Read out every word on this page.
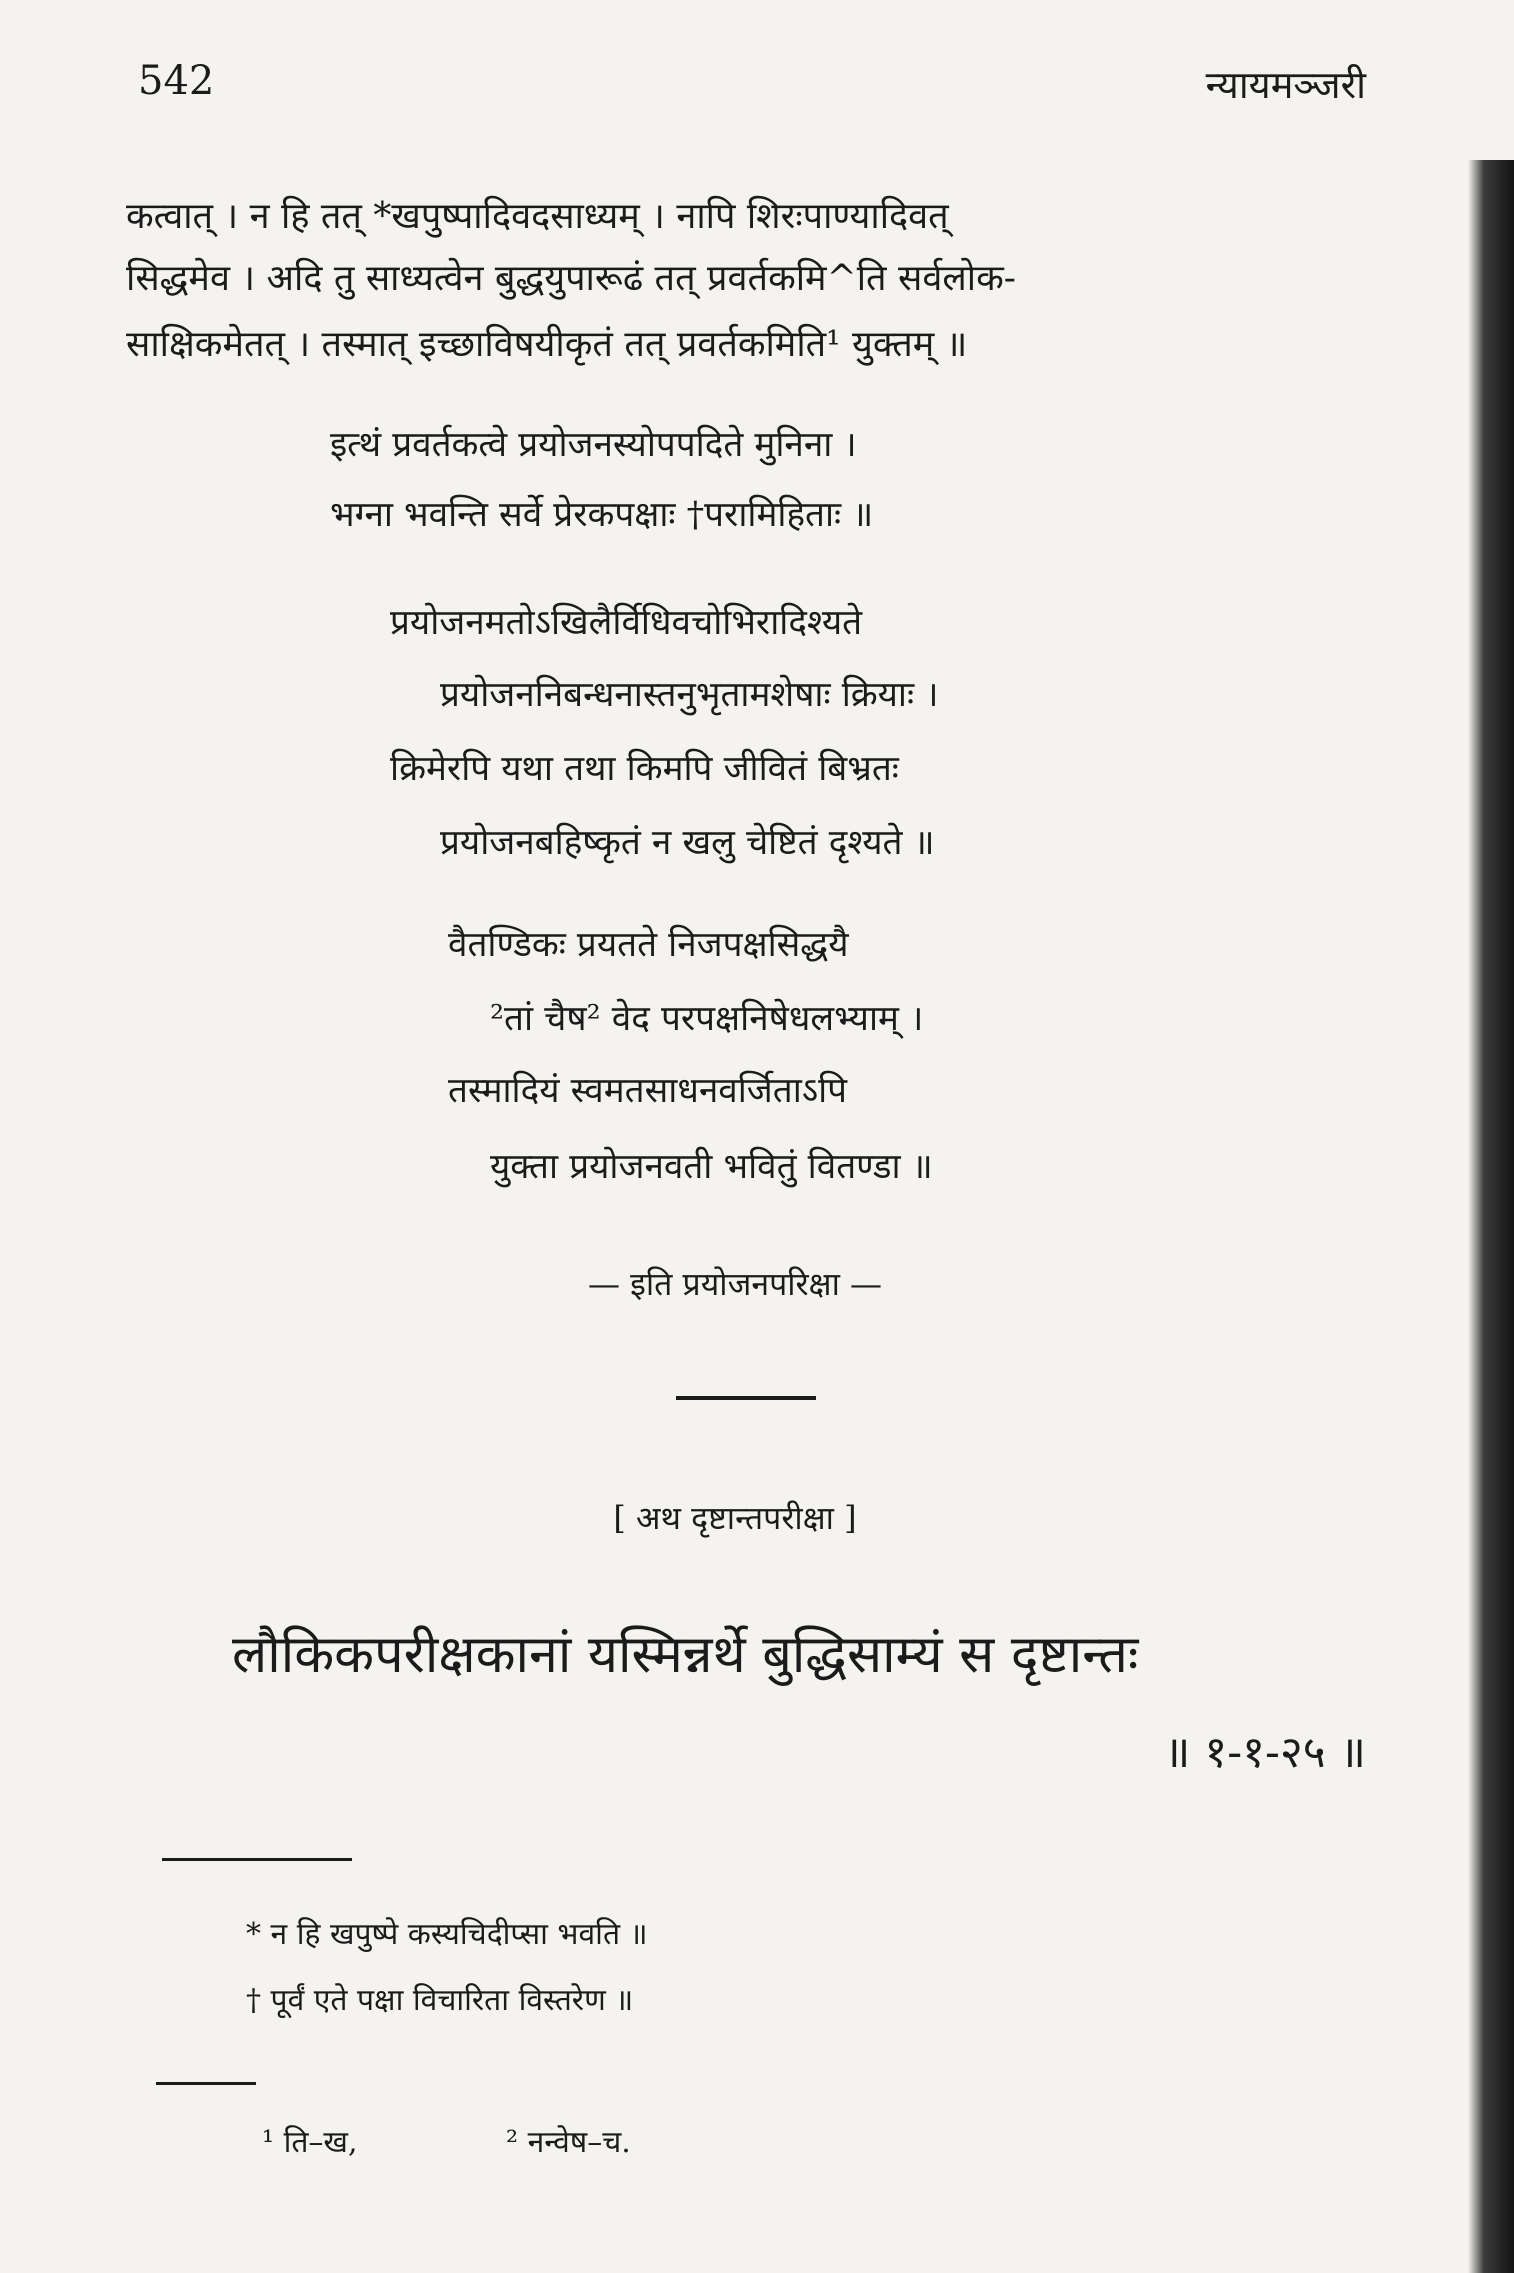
542	न्यायमञ्जरी
कत्वात् । न हि तत् *खपुष्पादिवदसाध्यम् । नापि शिरःपाण्यादिवत्
सिद्धमेव । अदि तु साध्यत्वेन बुद्धयुपारूढं तत् प्रवर्तकमि^ति सर्वलोक-
साक्षिकमेतत् । तस्मात् इच्छाविषयीकृतं तत् प्रवर्तकमिति¹ युक्तम् ॥
इत्थं प्रवर्तकत्वे प्रयोजनस्योपपदिते मुनिना ।
भग्ना भवन्ति सर्वे प्रेरकपक्षाः †परामिहिताः ॥
प्रयोजनमतोऽखिलैर्विधिवचोभिरादिश्यते
प्रयोजननिबन्धनास्तनुभृतामशेषाः क्रियाः ।
क्रिमेरपि यथा तथा किमपि जीवितं बिभ्रतः
प्रयोजनबहिष्कृतं न खलु चेष्टितं दृश्यते ॥
वैतण्डिकः प्रयतते निजपक्षसिद्धयै
²तां चैष² वेद परपक्षनिषेधलभ्याम् ।
तस्मादियं स्वमतसाधनवर्जिताऽपि
युक्ता प्रयोजनवती भवितुं वितण्डा ॥
— इति प्रयोजनपरिक्षा —
[ अथ दृष्टान्तपरीक्षा ]
लौकिकपरीक्षकानां यस्मिन्नर्थे बुद्धिसाम्यं स दृष्टान्तः
॥ १-१-२५ ॥
* न हि खपुष्पे कस्यचिदीप्सा भवति ॥
† पूर्वं एते पक्षा विचारिता विस्तरेण ॥
¹ ति–ख,	² नन्वेष–च.
